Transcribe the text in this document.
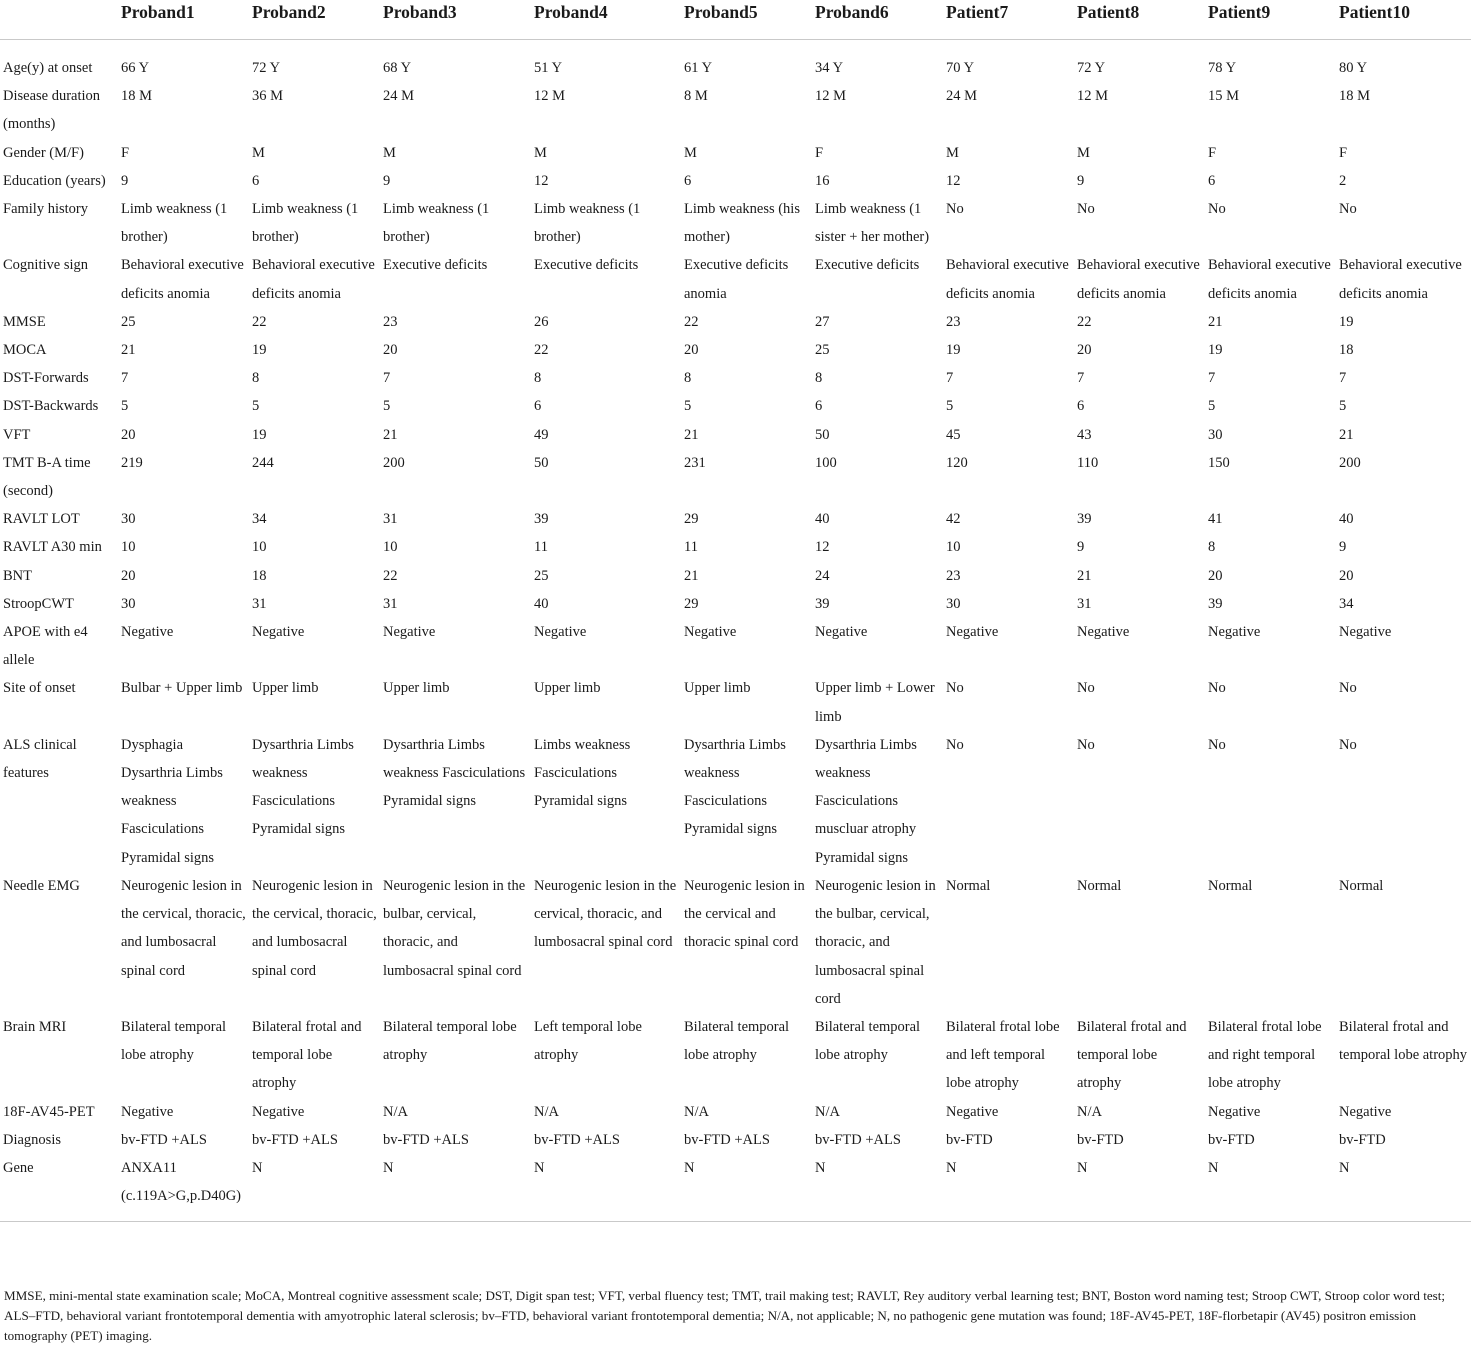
	Proband1	Proband2	Proband3	Proband4	Proband5	Proband6	Patient7	Patient8	Patient9	Patient10

Age(y) at onset	66 Y	72 Y	68 Y	51 Y	61 Y	34 Y	70 Y	72 Y	78 Y	80 Y
Disease duration (months)	18 M	36 M	24 M	12 M	8 M	12 M	24 M	12 M	15 M	18 M
Gender (M/F)	F	M	M	M	M	F	M	M	F	F
Education (years)	9	6	9	12	6	16	12	9	6	2
Family history	Limb weakness (1 brother)	Limb weakness (1 brother)	Limb weakness (1 brother)	Limb weakness (1 brother)	Limb weakness (his mother)	Limb weakness (1 sister + her mother)	No	No	No	No
Cognitive sign	Behavioral executive deficits anomia	Behavioral executive deficits anomia	Executive deficits	Executive deficits	Executive deficits anomia	Executive deficits	Behavioral executive deficits anomia	Behavioral executive deficits anomia	Behavioral executive deficits anomia	Behavioral executive deficits anomia
MMSE	25	22	23	26	22	27	23	22	21	19
MOCA	21	19	20	22	20	25	19	20	19	18
DST-Forwards	7	8	7	8	8	8	7	7	7	7
DST-Backwards	5	5	5	6	5	6	5	6	5	5
VFT	20	19	21	49	21	50	45	43	30	21
TMT B-A time (second)	219	244	200	50	231	100	120	110	150	200
RAVLT LOT	30	34	31	39	29	40	42	39	41	40
RAVLT A30 min	10	10	10	11	11	12	10	9	8	9
BNT	20	18	22	25	21	24	23	21	20	20
StroopCWT	30	31	31	40	29	39	30	31	39	34
APOE with e4 allele	Negative	Negative	Negative	Negative	Negative	Negative	Negative	Negative	Negative	Negative
Site of onset	Bulbar + Upper limb	Upper limb	Upper limb	Upper limb	Upper limb	Upper limb + Lower limb	No	No	No	No
ALS clinical features	Dysphagia Dysarthria Limbs weakness Fasciculations Pyramidal signs	Dysarthria Limbs weakness Fasciculations Pyramidal signs	Dysarthria Limbs weakness Fasciculations Pyramidal signs	Limbs weakness Fasciculations Pyramidal signs	Dysarthria Limbs weakness Fasciculations Pyramidal signs	Dysarthria Limbs weakness Fasciculations muscluar atrophy Pyramidal signs	No	No	No	No
Needle EMG	Neurogenic lesion in the cervical, thoracic, and lumbosacral spinal cord	Neurogenic lesion in the cervical, thoracic, and lumbosacral spinal cord	Neurogenic lesion in the bulbar, cervical, thoracic, and lumbosacral spinal cord	Neurogenic lesion in the cervical, thoracic, and lumbosacral spinal cord	Neurogenic lesion in the cervical and thoracic spinal cord	Neurogenic lesion in the bulbar, cervical, thoracic, and lumbosacral spinal cord	Normal	Normal	Normal	Normal
Brain MRI	Bilateral temporal lobe atrophy	Bilateral frotal and temporal lobe atrophy	Bilateral temporal lobe atrophy	Left temporal lobe atrophy	Bilateral temporal lobe atrophy	Bilateral temporal lobe atrophy	Bilateral frotal lobe and left temporal lobe atrophy	Bilateral frotal and temporal lobe atrophy	Bilateral frotal lobe and right temporal lobe atrophy	Bilateral frotal and temporal lobe atrophy
18F-AV45-PET	Negative	Negative	N/A	N/A	N/A	N/A	Negative	N/A	Negative	Negative
Diagnosis	bv-FTD +ALS	bv-FTD +ALS	bv-FTD +ALS	bv-FTD +ALS	bv-FTD +ALS	bv-FTD +ALS	bv-FTD	bv-FTD	bv-FTD	bv-FTD
Gene	ANXA11 (c.119A>G,p.D40G)	N	N	N	N	N	N	N	N	N
MMSE, mini-mental state examination scale; MoCA, Montreal cognitive assessment scale; DST, Digit span test; VFT, verbal fluency test; TMT, trail making test; RAVLT, Rey auditory verbal learning test; BNT, Boston word naming test; Stroop CWT, Stroop color word test; ALS–FTD, behavioral variant frontotemporal dementia with amyotrophic lateral sclerosis; bv–FTD, behavioral variant frontotemporal dementia; N/A, not applicable; N, no pathogenic gene mutation was found; 18F-AV45-PET, 18F-florbetapir (AV45) positron emission tomography (PET) imaging.
